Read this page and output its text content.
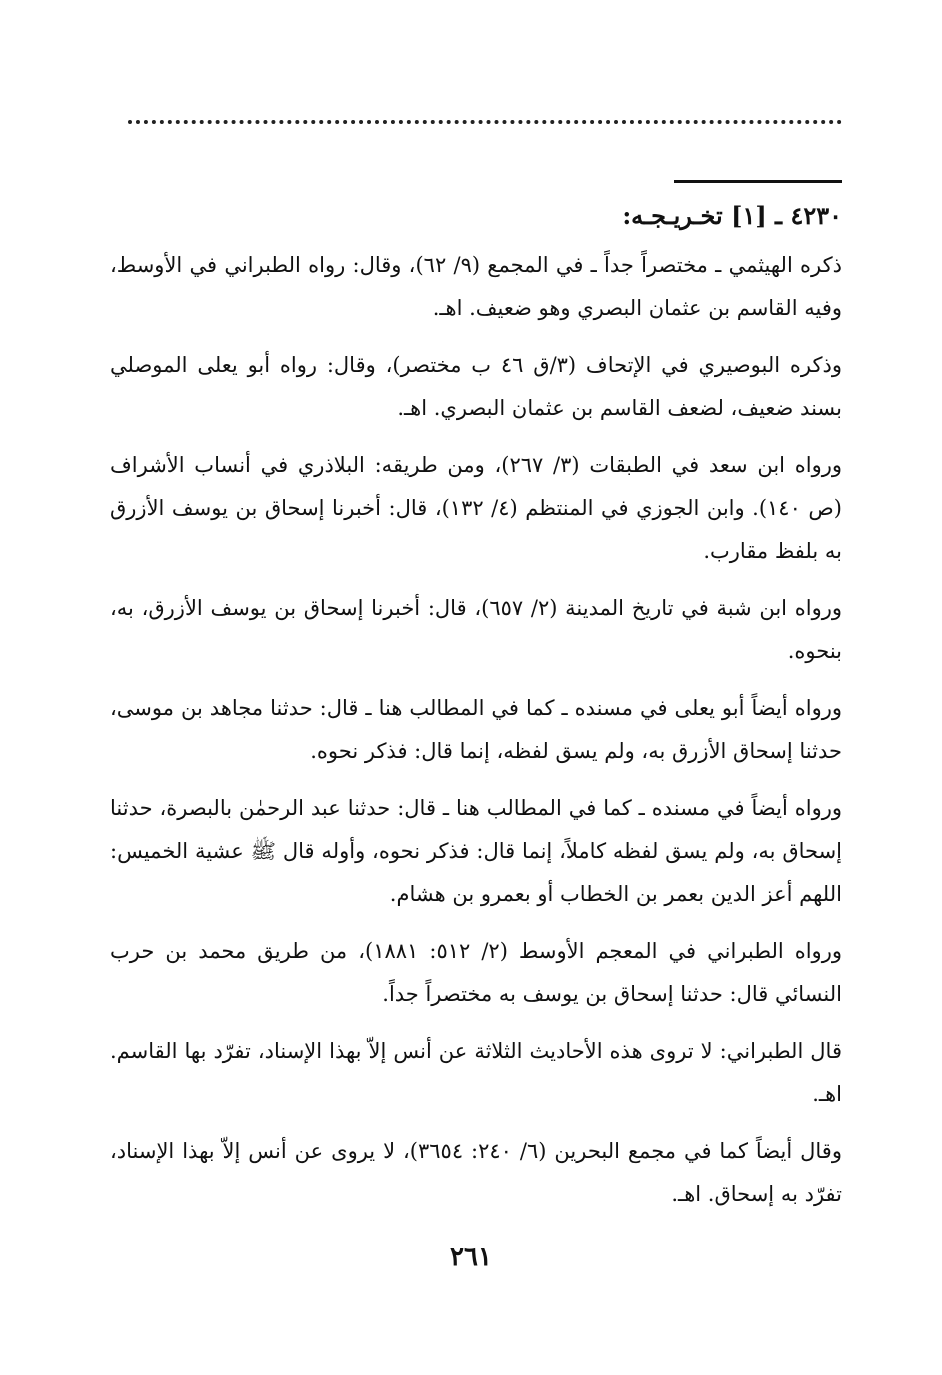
٤٢٣٠ ـ [١] تخـريـجـه:

ذكره الهيثمي ـ مختصراً جداً ـ في المجمع (٩/ ٦٢)، وقال: رواه الطبراني في الأوسط، وفيه القاسم بن عثمان البصري وهو ضعيف. اهـ.

وذكره البوصيري في الإتحاف (٣/ق ٤٦ ب مختصر)، وقال: رواه أبو يعلى الموصلي بسند ضعيف، لضعف القاسم بن عثمان البصري. اهـ.

ورواه ابن سعد في الطبقات (٣/ ٢٦٧)، ومن طريقه: البلاذري في أنساب الأشراف (ص ١٤٠). وابن الجوزي في المنتظم (٤/ ١٣٢)، قال: أخبرنا إسحاق بن يوسف الأزرق به بلفظ مقارب.

ورواه ابن شبة في تاريخ المدينة (٢/ ٦٥٧)، قال: أخبرنا إسحاق بن يوسف الأزرق، به، بنحوه.

ورواه أيضاً أبو يعلى في مسنده ـ كما في المطالب هنا ـ قال: حدثنا مجاهد بن موسى، حدثنا إسحاق الأزرق به، ولم يسق لفظه، إنما قال: فذكر نحوه.

ورواه أيضاً في مسنده ـ كما في المطالب هنا ـ قال: حدثنا عبد الرحمٰن بالبصرة، حدثنا إسحاق به، ولم يسق لفظه كاملاً، إنما قال: فذكر نحوه، وأوله قال ﷺ عشية الخميس: اللهم أعز الدين بعمر بن الخطاب أو بعمرو بن هشام.

ورواه الطبراني في المعجم الأوسط (٢/ ٥١٢: ١٨٨١)، من طريق محمد بن حرب النسائي قال: حدثنا إسحاق بن يوسف به مختصراً جداً.

قال الطبراني: لا تروى هذه الأحاديث الثلاثة عن أنس إلاّ بهذا الإسناد، تفرّد بها القاسم. اهـ.

وقال أيضاً كما في مجمع البحرين (٦/ ٢٤٠: ٣٦٥٤)، لا يروى عن أنس إلاّ بهذا الإسناد، تفرّد به إسحاق. اهـ.

٢٦١
